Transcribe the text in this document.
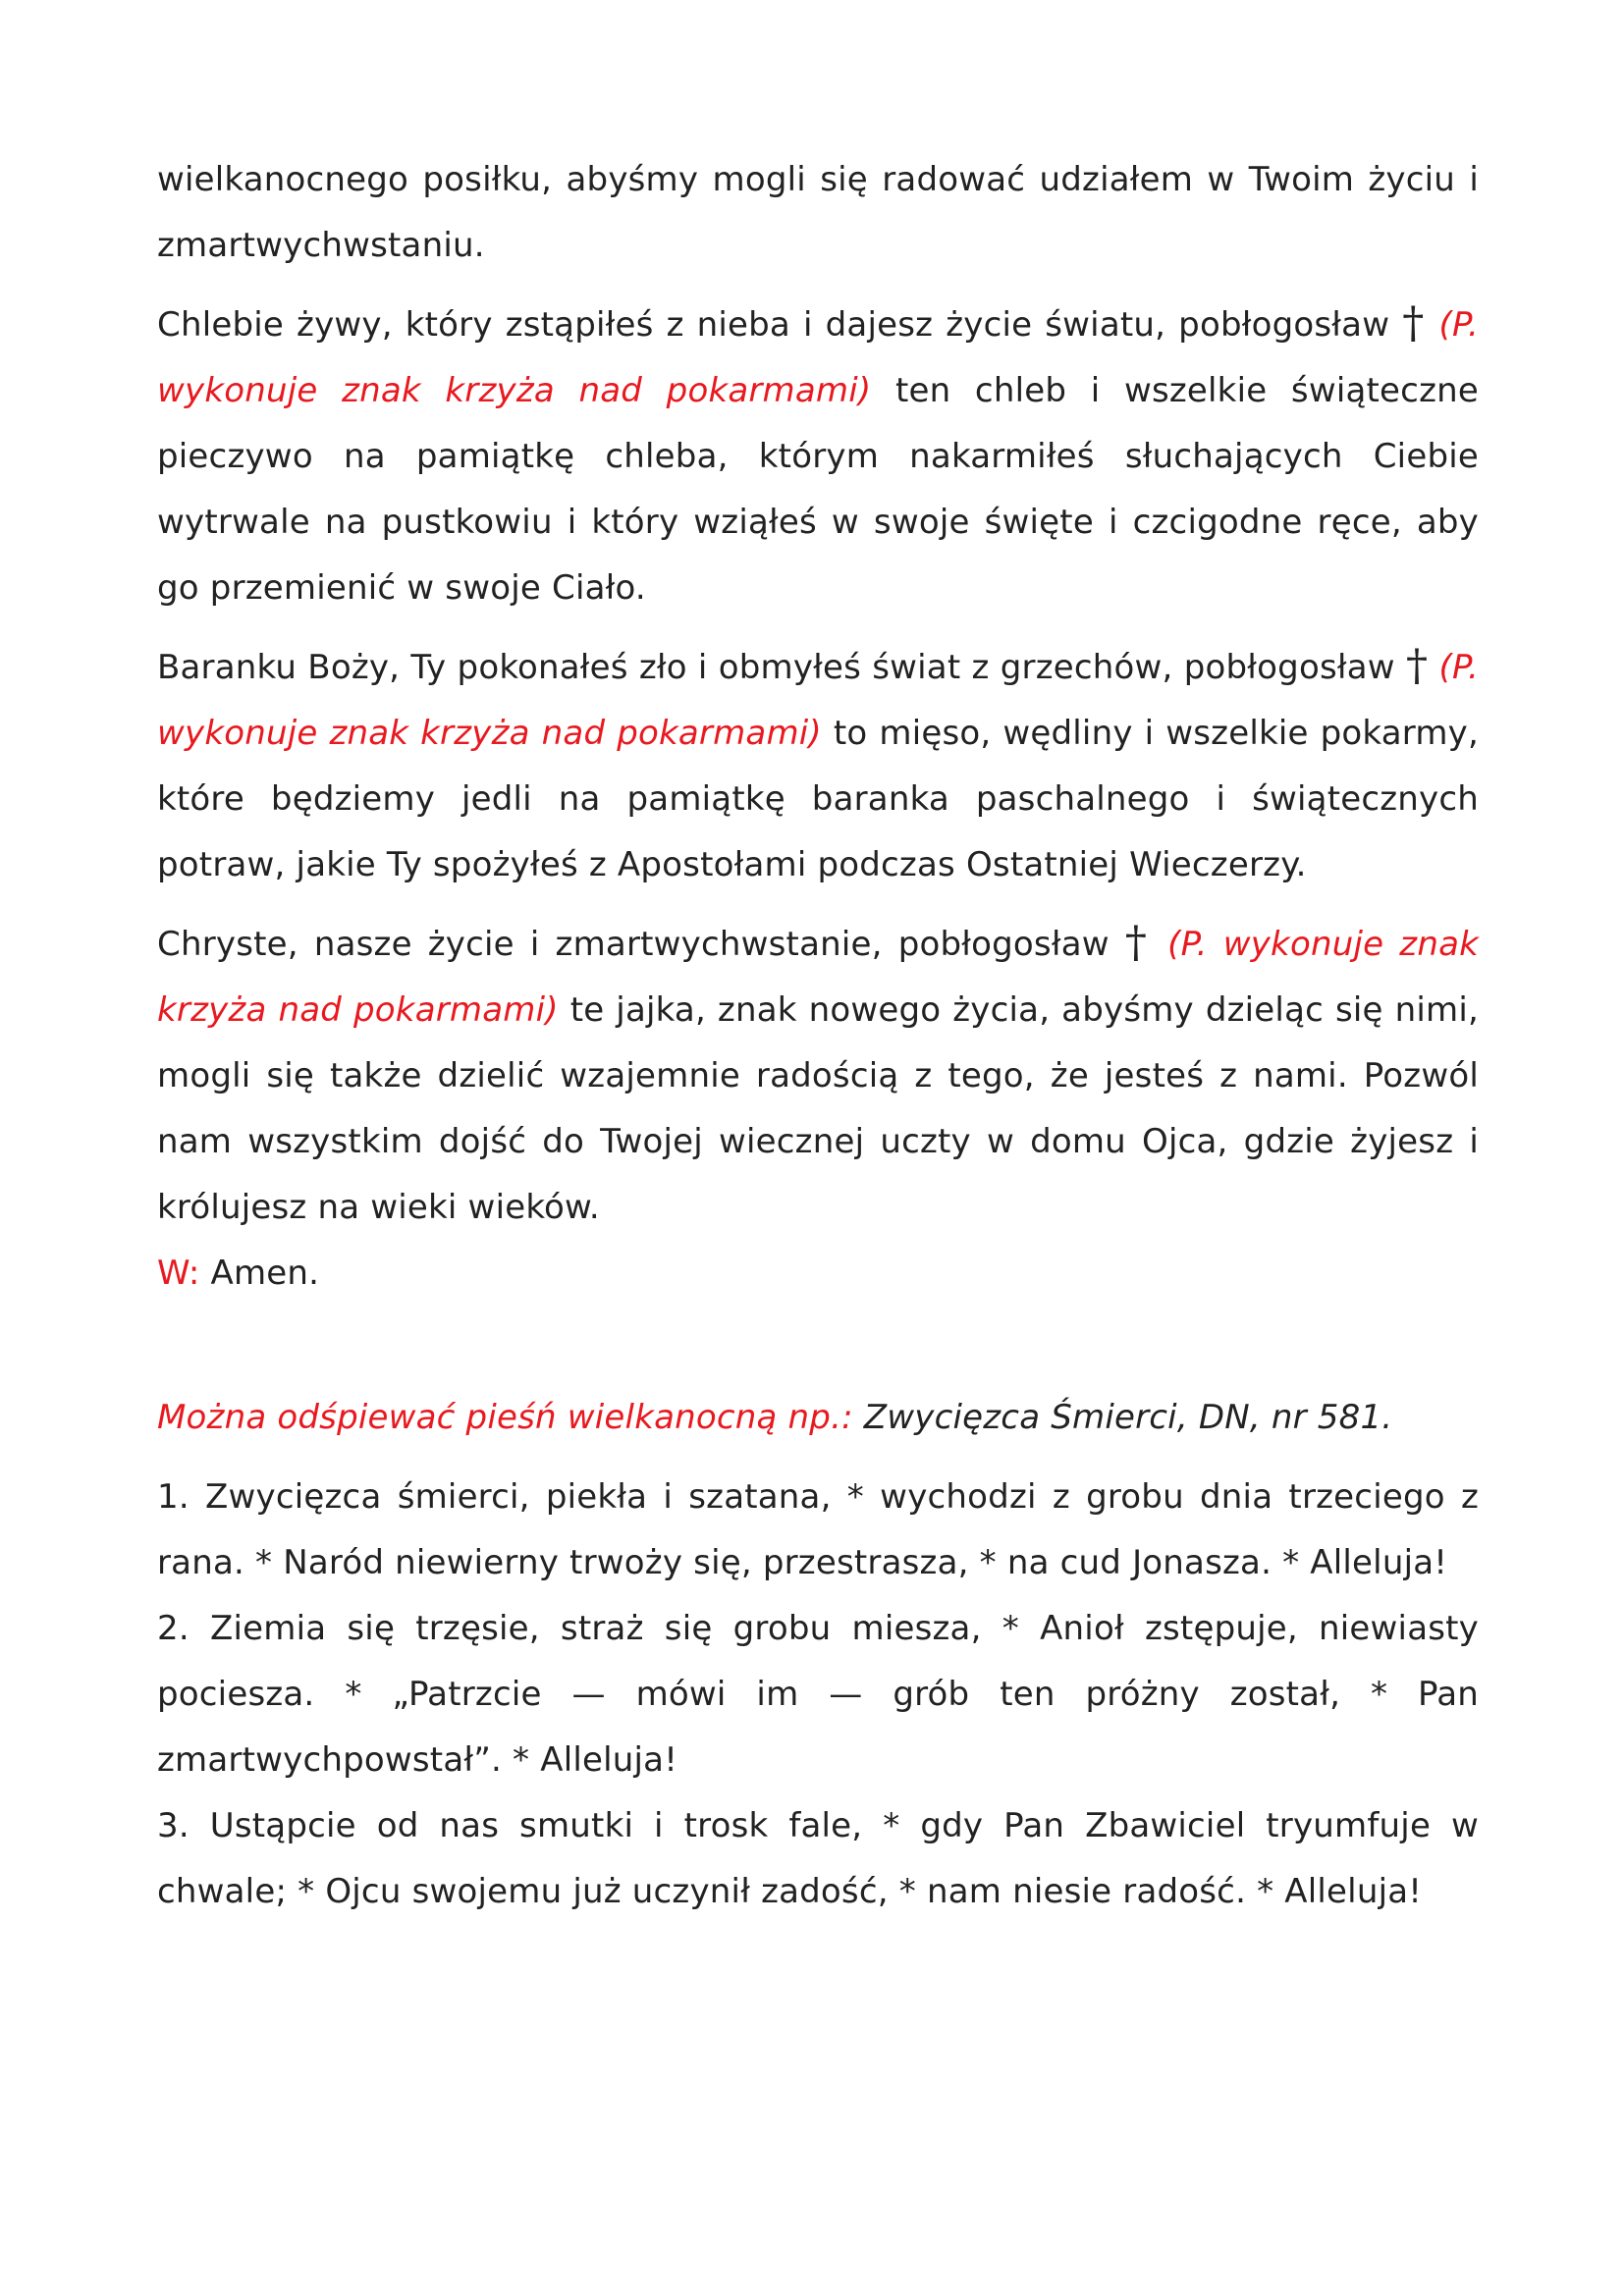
wielkanocnego posiłku, abyśmy mogli się radować udziałem w Twoim życiu i zmartwychwstaniu.

Chlebie żywy, który zstąpiłeś z nieba i dajesz życie światu, pobłogosław † (P. wykonuje znak krzyża nad pokarmami) ten chleb i wszelkie świąteczne pieczywo na pamiątkę chleba, którym nakarmiłeś słuchających Ciebie wytrwale na pustkowiu i który wziąłeś w swoje święte i czcigodne ręce, aby go przemienić w swoje Ciało.

Baranku Boży, Ty pokonałeś zło i obmyłeś świat z grzechów, pobłogosław † (P. wykonuje znak krzyża nad pokarmami) to mięso, wędliny i wszelkie pokarmy, które będziemy jedli na pamiątkę baranka paschalnego i świątecznych potraw, jakie Ty spożyłeś z Apostołami podczas Ostatniej Wieczerzy.

Chryste, nasze życie i zmartwychwstanie, pobłogosław † (P. wykonuje znak krzyża nad pokarmami) te jajka, znak nowego życia, abyśmy dzieląc się nimi, mogli się także dzielić wzajemnie radością z tego, że jesteś z nami. Pozwól nam wszystkim dojść do Twojej wiecznej uczty w domu Ojca, gdzie żyjesz i królujesz na wieki wieków.

W: Amen.

Można odśpiewać pieśń wielkanocną np.: Zwycięzca Śmierci, DN, nr 581.

1. Zwycięzca śmierci, piekła i szatana, * wychodzi z grobu dnia trzeciego z rana. * Naród niewierny trwoży się, przestrasza, * na cud Jonasza. * Alleluja!

2. Ziemia się trzęsie, straż się grobu miesza, * Anioł zstępuje, niewiasty pociesza. * „Patrzcie — mówi im — grób ten próżny został, * Pan zmartwychpowstał”. * Alleluja!

3. Ustąpcie od nas smutki i trosk fale, * gdy Pan Zbawiciel tryumfuje w chwale; * Ojcu swojemu już uczynił zadość, * nam niesie radość. * Alleluja!
